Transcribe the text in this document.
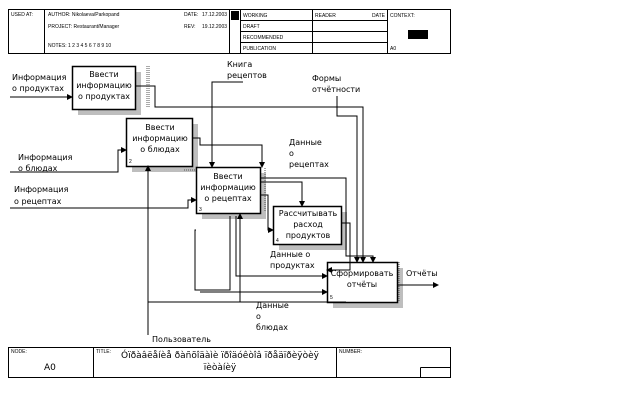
USED AT:	AUTHOR: Nikolaeva/Parkopand
PROJECT: Restaurant/Manager
NOTES: 1 2 3 4 5 6 7 8 9 10
DATE: 17.12.2003
REV: 19.12.2003
WORKING
DRAFT
RECOMMENDED
PUBLICATION
READER	DATE CONTEXT:
A0
NODE:
A0
TITLE: Óïðàâëåíèå ðàñõîäàìè ïðîäóêòîâ ïðåäïðèÿòèÿ
ïèòàíèÿ
NUMBER:
Ввести
информацию
о продуктах
Ввести
информацию
о блюдах
2
Ввести
информацию
о рецептах
3	Рассчитывать
расход
продуктов
4
Сформировать
отчёты
5
Информация
о продуктах
Информация
о блюдах
Информация
о рецептах
Книга
рецептов	Формы
отчётности
Данные
о
рецептах
Данные о
продуктах
Данные
о
блюдах
Пользователь
Отчёты
